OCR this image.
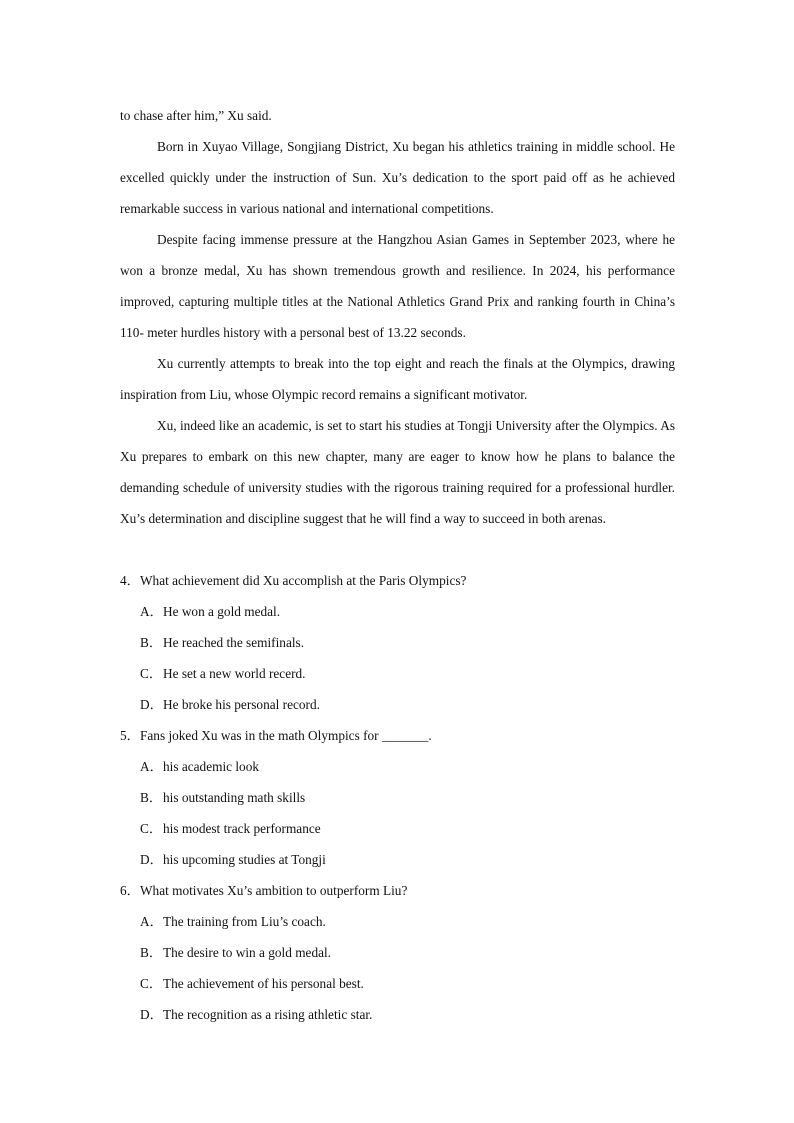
to chase after him,” Xu said.

Born in Xuyao Village, Songjiang District, Xu began his athletics training in middle school. He excelled quickly under the instruction of Sun. Xu’s dedication to the sport paid off as he achieved remarkable success in various national and international competitions.

Despite facing immense pressure at the Hangzhou Asian Games in September 2023, where he won a bronze medal, Xu has shown tremendous growth and resilience. In 2024, his performance improved, capturing multiple titles at the National Athletics Grand Prix and ranking fourth in China’s 110- meter hurdles history with a personal best of 13.22 seconds.

Xu currently attempts to break into the top eight and reach the finals at the Olympics, drawing inspiration from Liu, whose Olympic record remains a significant motivator.

Xu, indeed like an academic, is set to start his studies at Tongji University after the Olympics. As Xu prepares to embark on this new chapter, many are eager to know how he plans to balance the demanding schedule of university studies with the rigorous training required for a professional hurdler. Xu’s determination and discipline suggest that he will find a way to succeed in both arenas.

4．What achievement did Xu accomplish at the Paris Olympics?

A．He won a gold medal.

B．He reached the semifinals.

C．He set a new world recerd.

D．He broke his personal record.

5．Fans joked Xu was in the math Olympics for _______.

A．his academic look

B．his outstanding math skills

C．his modest track performance

D．his upcoming studies at Tongji

6．What motivates Xu’s ambition to outperform Liu?

A．The training from Liu’s coach.

B．The desire to win a gold medal.

C．The achievement of his personal best.

D．The recognition as a rising athletic star.
